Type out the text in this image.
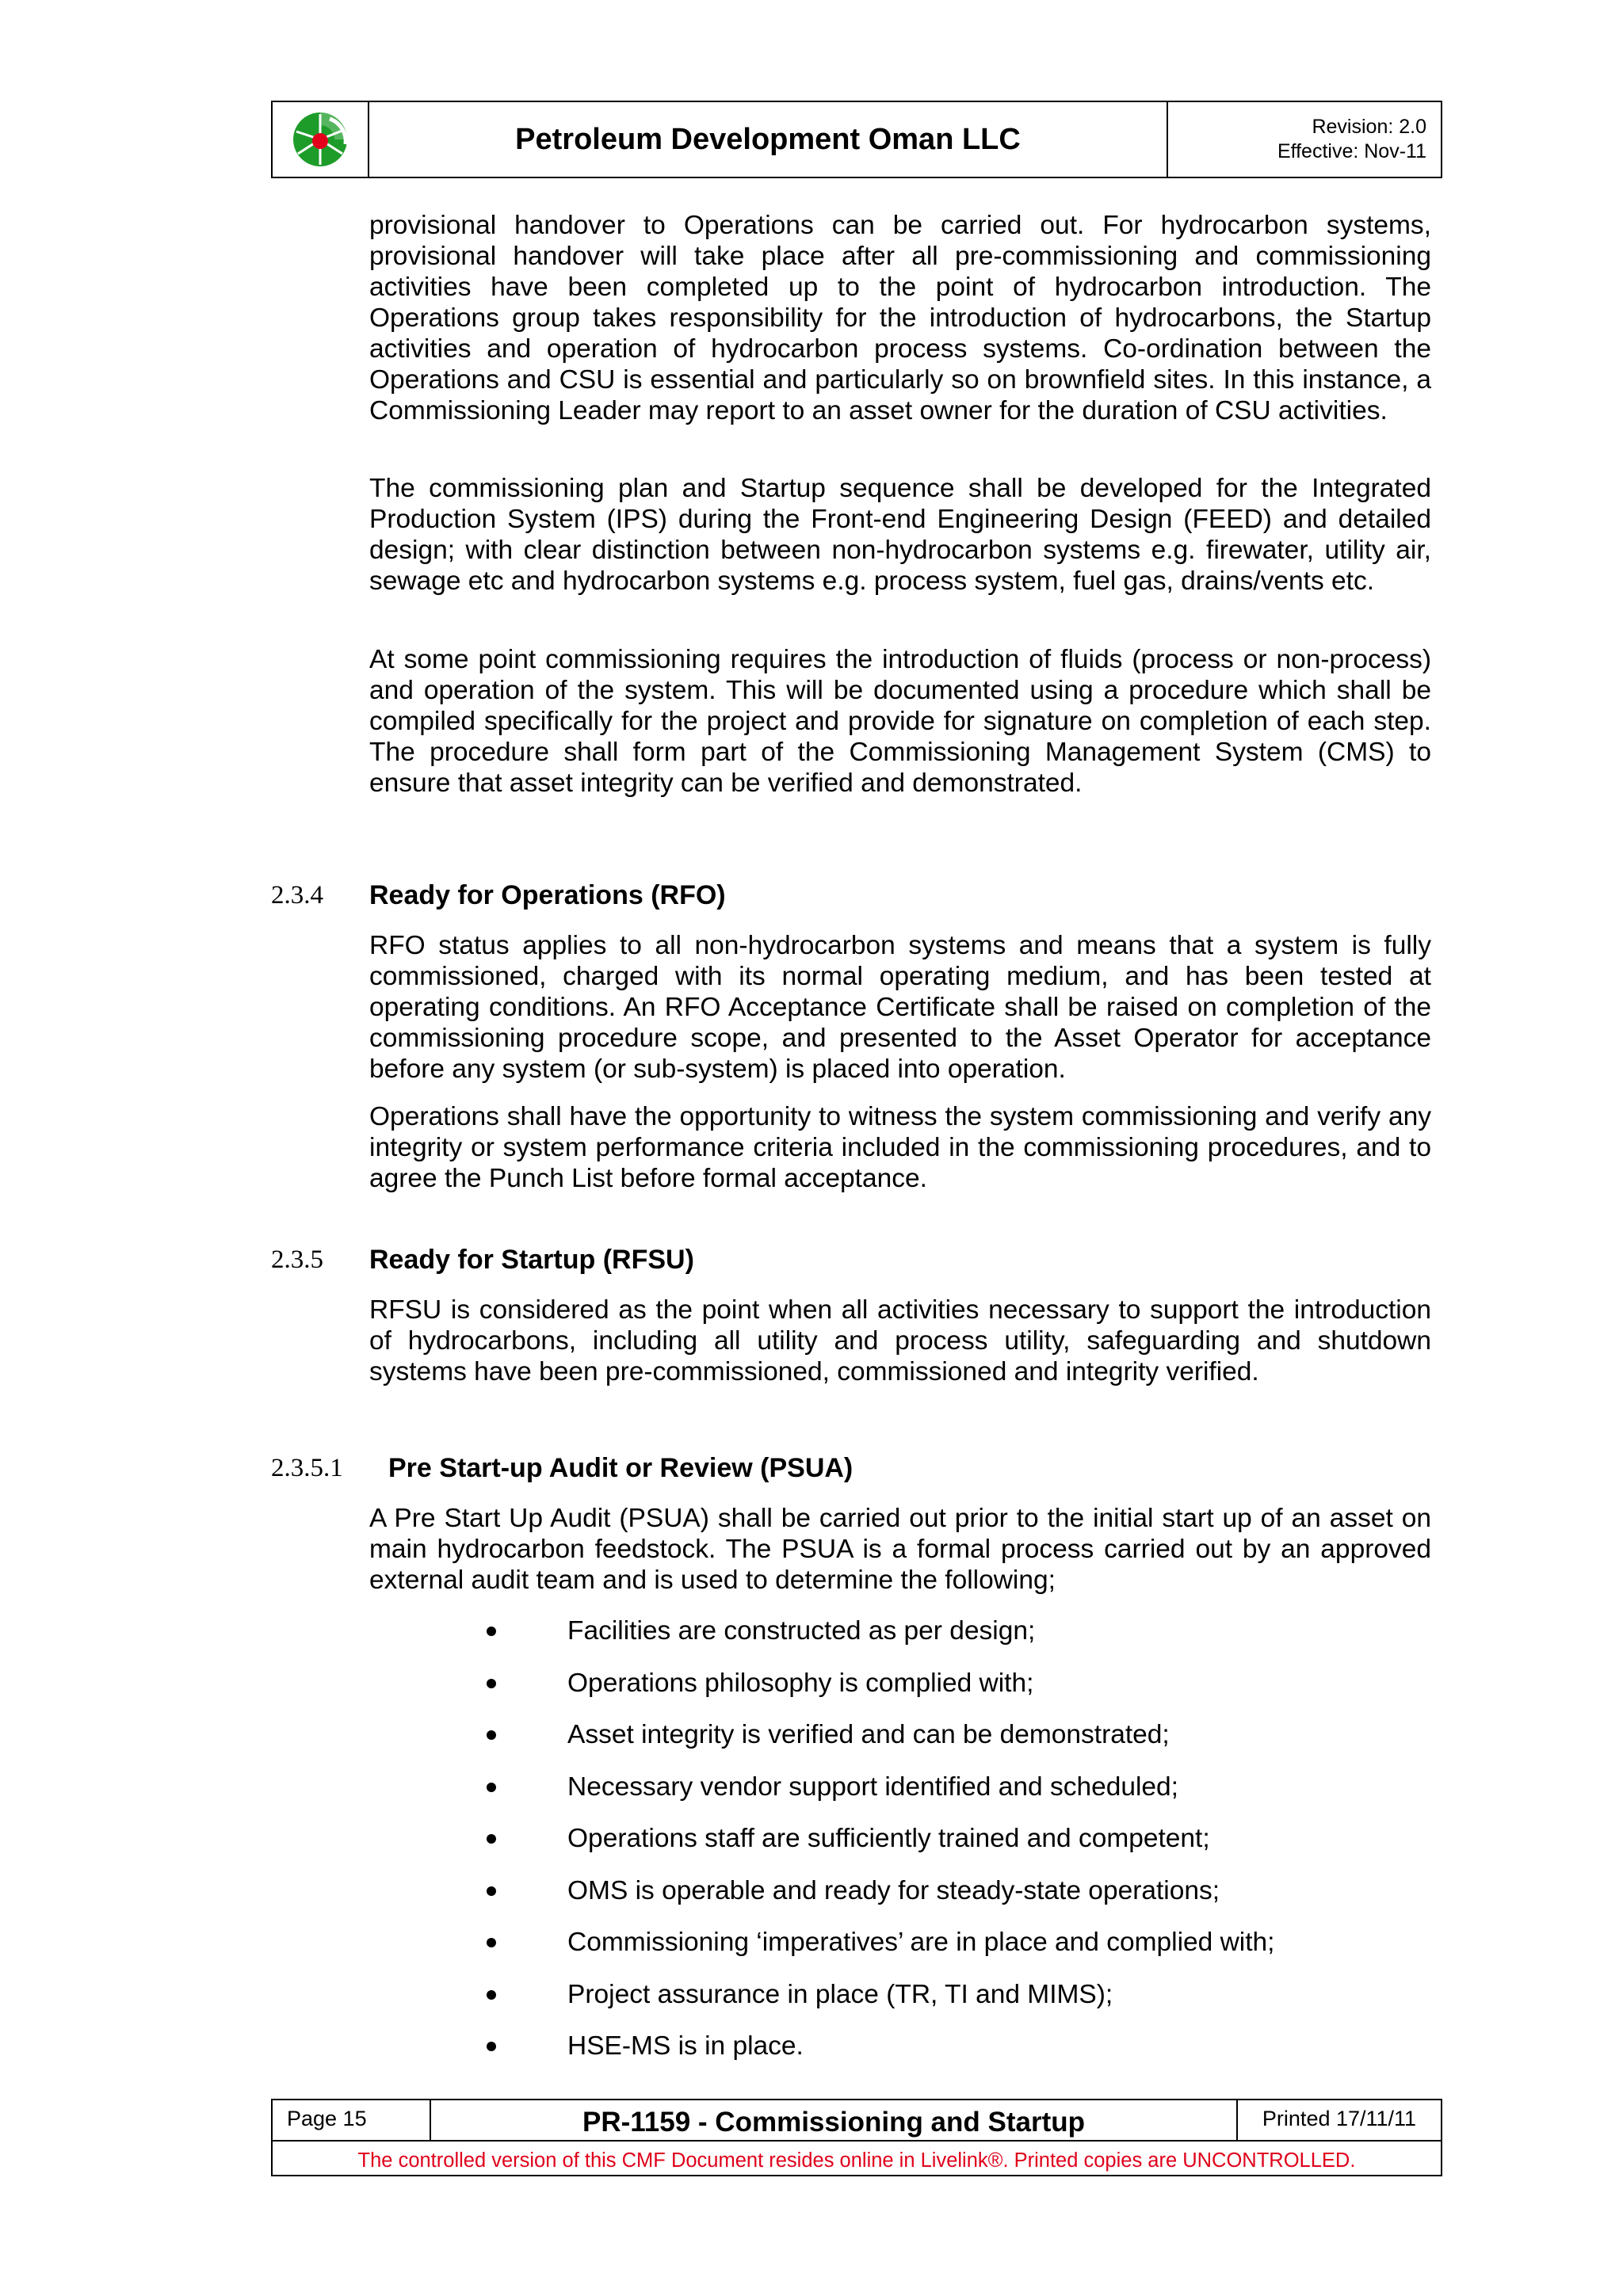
Petroleum Development Oman LLC	Revision: 2.0
Effective: Nov-11

provisional handover to Operations can be carried out. For hydrocarbon systems, provisional handover will take place after all pre-commissioning and commissioning activities have been completed up to the point of hydrocarbon introduction. The Operations group takes responsibility for the introduction of hydrocarbons, the Startup activities and operation of hydrocarbon process systems. Co-ordination between the Operations and CSU is essential and particularly so on brownfield sites. In this instance, a Commissioning Leader may report to an asset owner for the duration of CSU activities.

The commissioning plan and Startup sequence shall be developed for the Integrated Production System (IPS) during the Front-end Engineering Design (FEED) and detailed design; with clear distinction between non-hydrocarbon systems e.g. firewater, utility air, sewage etc and hydrocarbon systems e.g. process system, fuel gas, drains/vents etc.

At some point commissioning requires the introduction of fluids (process or non-process) and operation of the system. This will be documented using a procedure which shall be compiled specifically for the project and provide for signature on completion of each step. The procedure shall form part of the Commissioning Management System (CMS) to ensure that asset integrity can be verified and demonstrated.

2.3.4	Ready for Operations (RFO)

RFO status applies to all non-hydrocarbon systems and means that a system is fully commissioned, charged with its normal operating medium, and has been tested at operating conditions. An RFO Acceptance Certificate shall be raised on completion of the commissioning procedure scope, and presented to the Asset Operator for acceptance before any system (or sub-system) is placed into operation.

Operations shall have the opportunity to witness the system commissioning and verify any integrity or system performance criteria included in the commissioning procedures, and to agree the Punch List before formal acceptance.

2.3.5	Ready for Startup (RFSU)

RFSU is considered as the point when all activities necessary to support the introduction of hydrocarbons, including all utility and process utility, safeguarding and shutdown systems have been pre-commissioned, commissioned and integrity verified.

2.3.5.1	Pre Start-up Audit or Review (PSUA)

A Pre Start Up Audit (PSUA) shall be carried out prior to the initial start up of an asset on main hydrocarbon feedstock. The PSUA is a formal process carried out by an approved external audit team and is used to determine the following;

Facilities are constructed as per design;
Operations philosophy is complied with;
Asset integrity is verified and can be demonstrated;
Necessary vendor support identified and scheduled;
Operations staff are sufficiently trained and competent;
OMS is operable and ready for steady-state operations;
Commissioning ‘imperatives’ are in place and complied with;
Project assurance in place (TR, TI and MIMS);
HSE-MS is in place.
Page 15	PR-1159 - Commissioning and Startup	Printed 17/11/11
The controlled version of this CMF Document resides online in Livelink®. Printed copies are UNCONTROLLED.
